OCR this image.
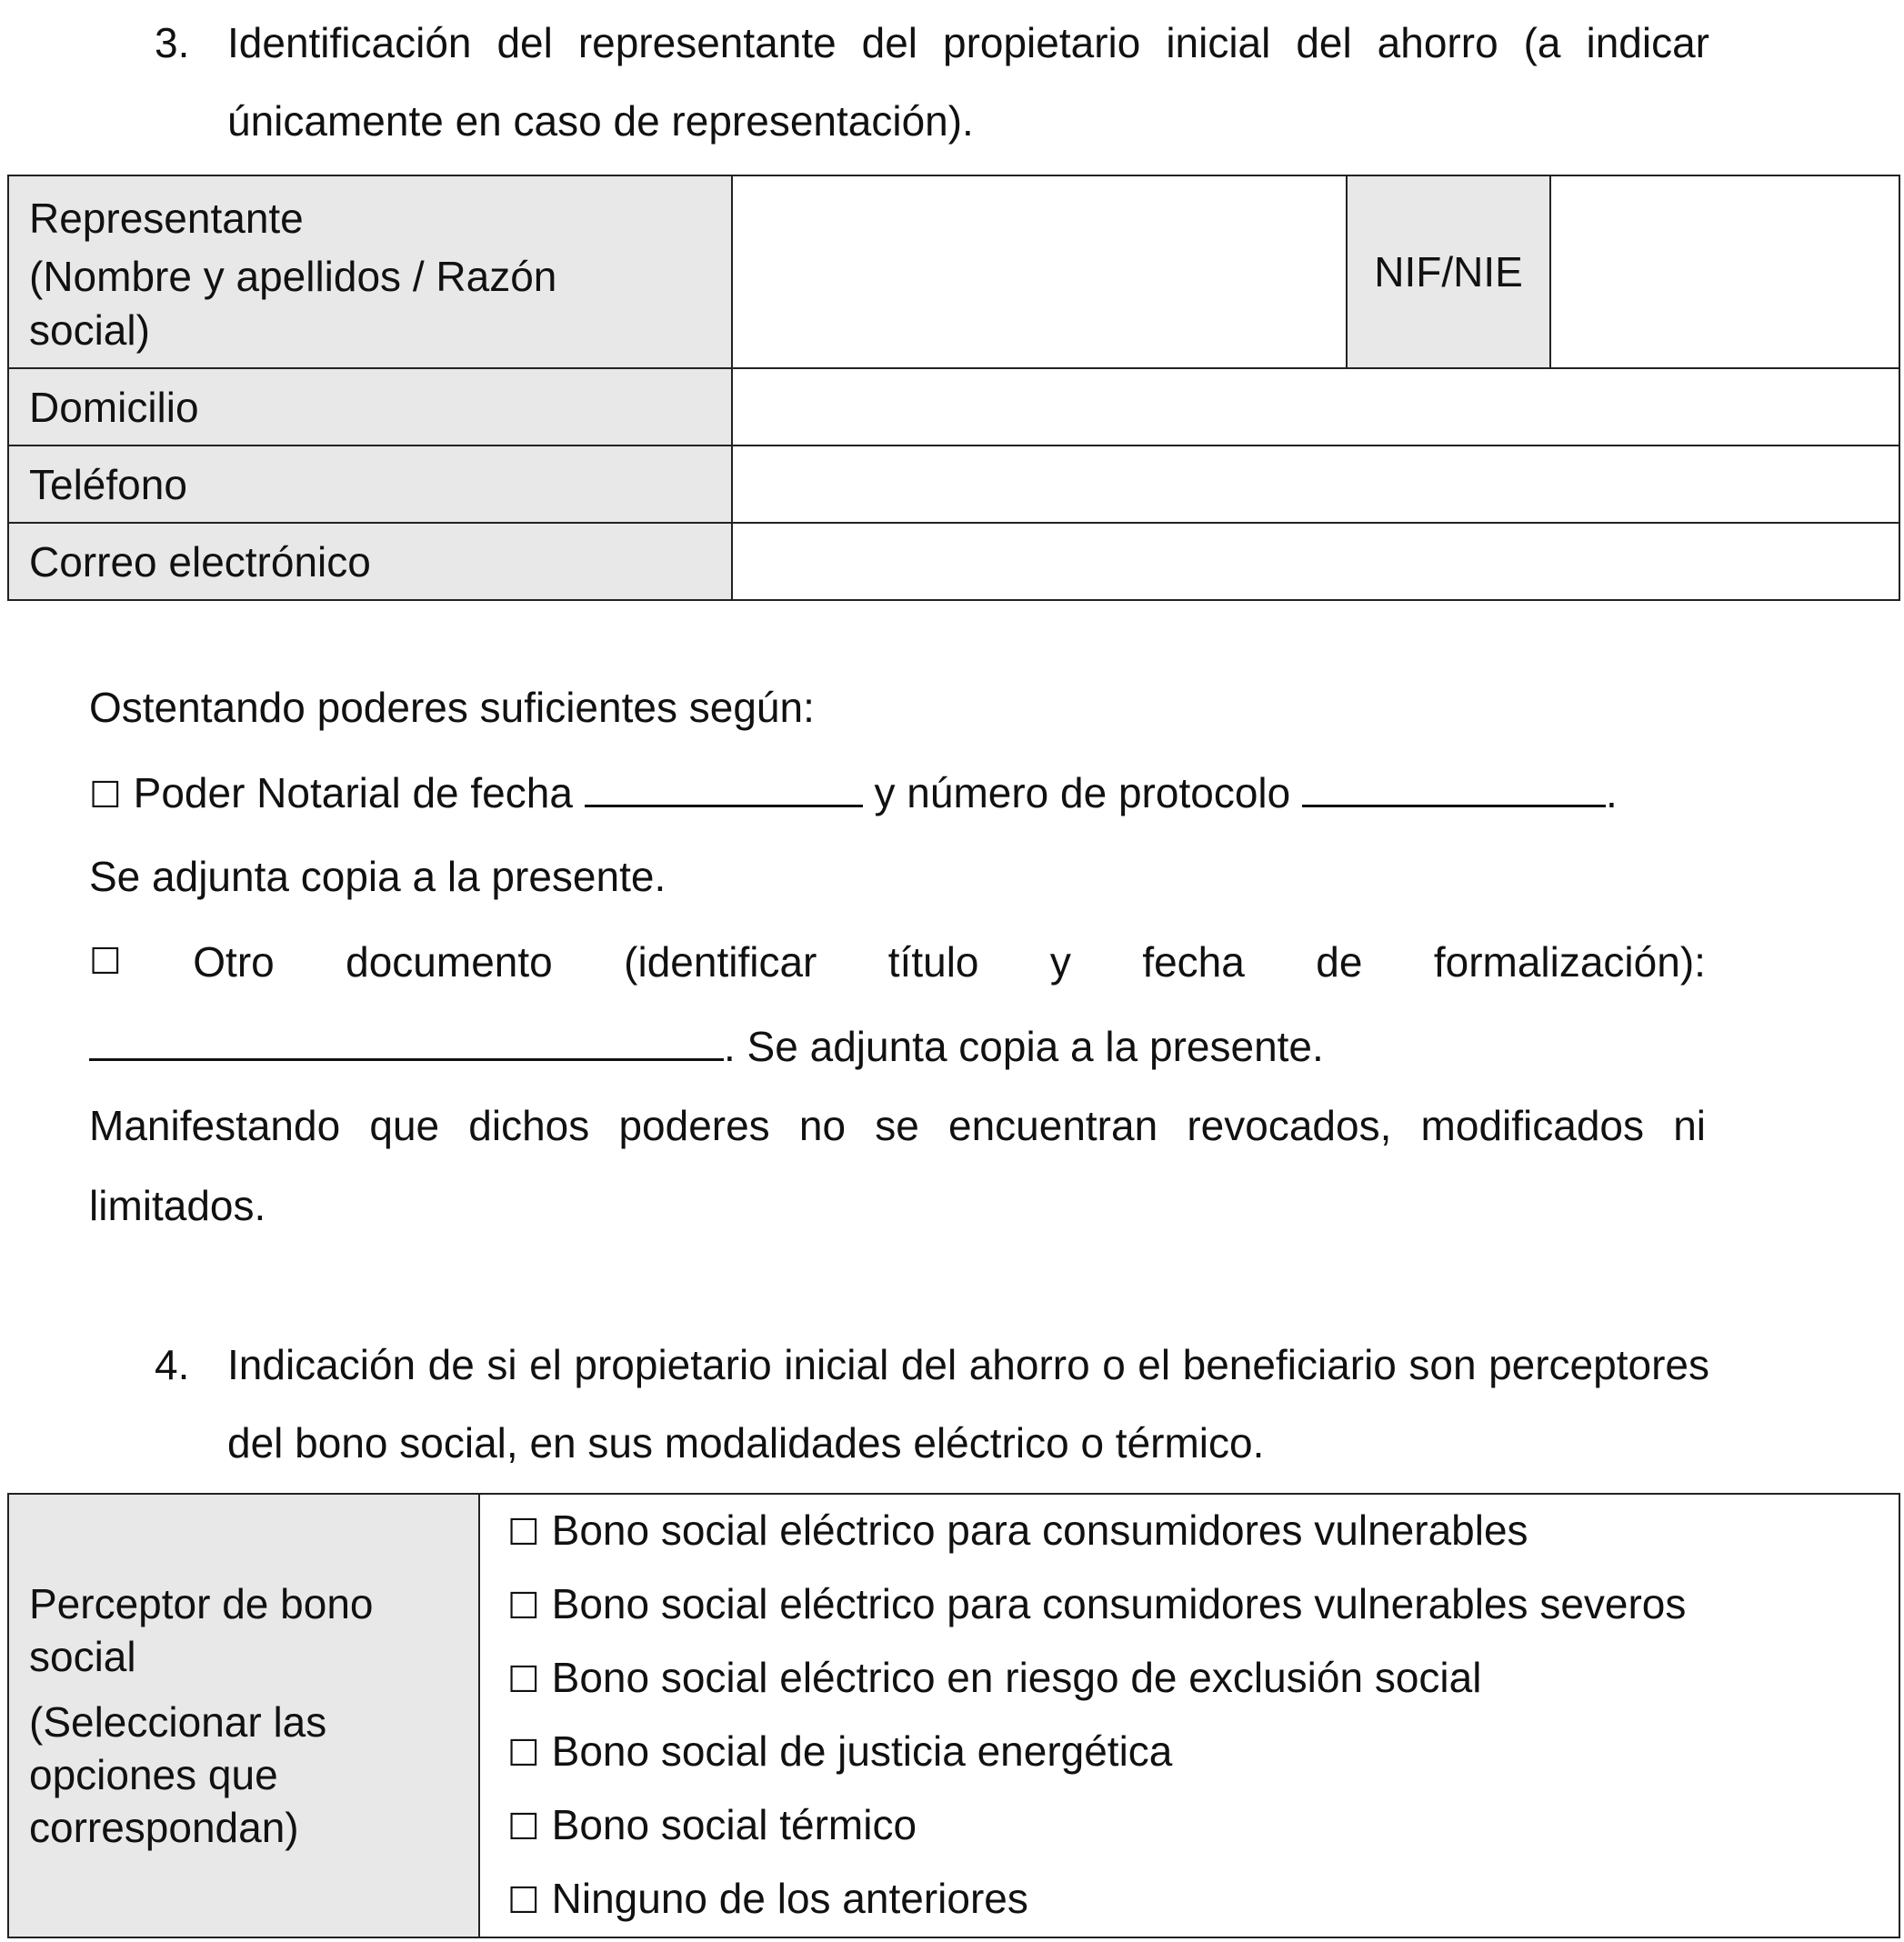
3. Identificación del representante del propietario inicial del ahorro (a indicar únicamente en caso de representación).
Representante
(Nombre y apellidos / Razón
social)		NIF/NIE	
Domicilio			
Teléfono			
Correo electrónico			
Ostentando poderes suficientes según:
☐ Poder Notarial de fecha	y número de protocolo	.
Se adjunta copia a la presente.
☐ Otro documento (identificar título y fecha de formalización):
. Se adjunta copia a la presente.
Manifestando que dichos poderes no se encuentran revocados, modificados ni limitados.
4. Indicación de si el propietario inicial del ahorro o el beneficiario son perceptores del bono social, en sus modalidades eléctrico o térmico.
Perceptor de bono
social
(Seleccionar las
opciones que
correspondan)

☐ Bono social eléctrico para consumidores vulnerables
☐ Bono social eléctrico para consumidores vulnerables severos
☐ Bono social eléctrico en riesgo de exclusión social
☐ Bono social de justicia energética
☐ Bono social térmico
☐ Ninguno de los anteriores
